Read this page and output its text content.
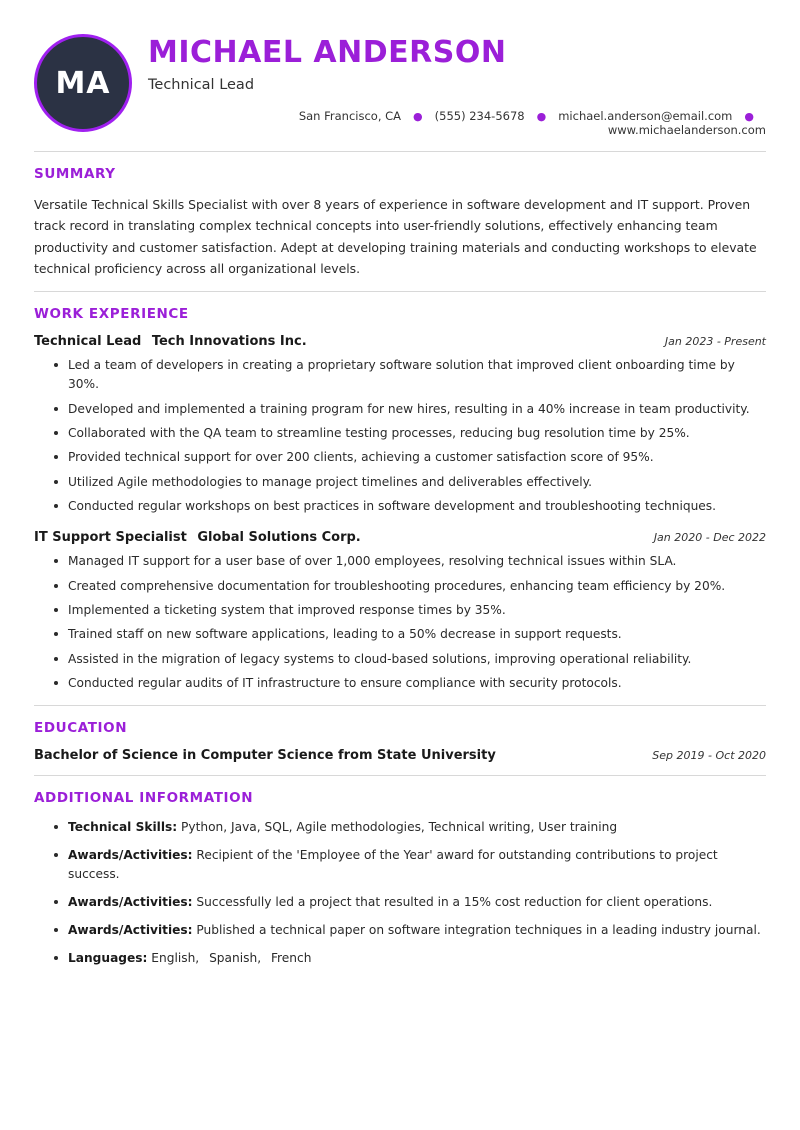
MA
MICHAEL ANDERSON
Technical Lead
San Francisco, CA	●	(555) 234-5678	●	michael.anderson@email.com	●
www.michaelanderson.com
SUMMARY

Versatile Technical Skills Specialist with over 8 years of experience in software development and IT support. Proven track record in translating complex technical concepts into user-friendly solutions, effectively enhancing team productivity and customer satisfaction. Adept at developing training materials and conducting workshops to elevate technical proficiency across all organizational levels.

WORK EXPERIENCE
Technical Lead Tech Innovations Inc.	Jan 2023 - Present
Led a team of developers in creating a proprietary software solution that improved client onboarding time by 30%.
Developed and implemented a training program for new hires, resulting in a 40% increase in team productivity.
Collaborated with the QA team to streamline testing processes, reducing bug resolution time by 25%.
Provided technical support for over 200 clients, achieving a customer satisfaction score of 95%.
Utilized Agile methodologies to manage project timelines and deliverables effectively.
Conducted regular workshops on best practices in software development and troubleshooting techniques.
IT Support Specialist Global Solutions Corp.	Jan 2020 - Dec 2022
Managed IT support for a user base of over 1,000 employees, resolving technical issues within SLA.
Created comprehensive documentation for troubleshooting procedures, enhancing team efficiency by 20%.
Implemented a ticketing system that improved response times by 35%.
Trained staff on new software applications, leading to a 50% decrease in support requests.
Assisted in the migration of legacy systems to cloud-based solutions, improving operational reliability.
Conducted regular audits of IT infrastructure to ensure compliance with security protocols.
EDUCATION
Bachelor of Science in Computer Science from State University	Sep 2019 - Oct 2020
ADDITIONAL INFORMATION
Technical Skills: Python, Java, SQL, Agile methodologies, Technical writing, User training
Awards/Activities: Recipient of the 'Employee of the Year' award for outstanding contributions to project success.
Awards/Activities: Successfully led a project that resulted in a 15% cost reduction for client operations.
Awards/Activities: Published a technical paper on software integration techniques in a leading industry journal.
Languages: English, Spanish, French
